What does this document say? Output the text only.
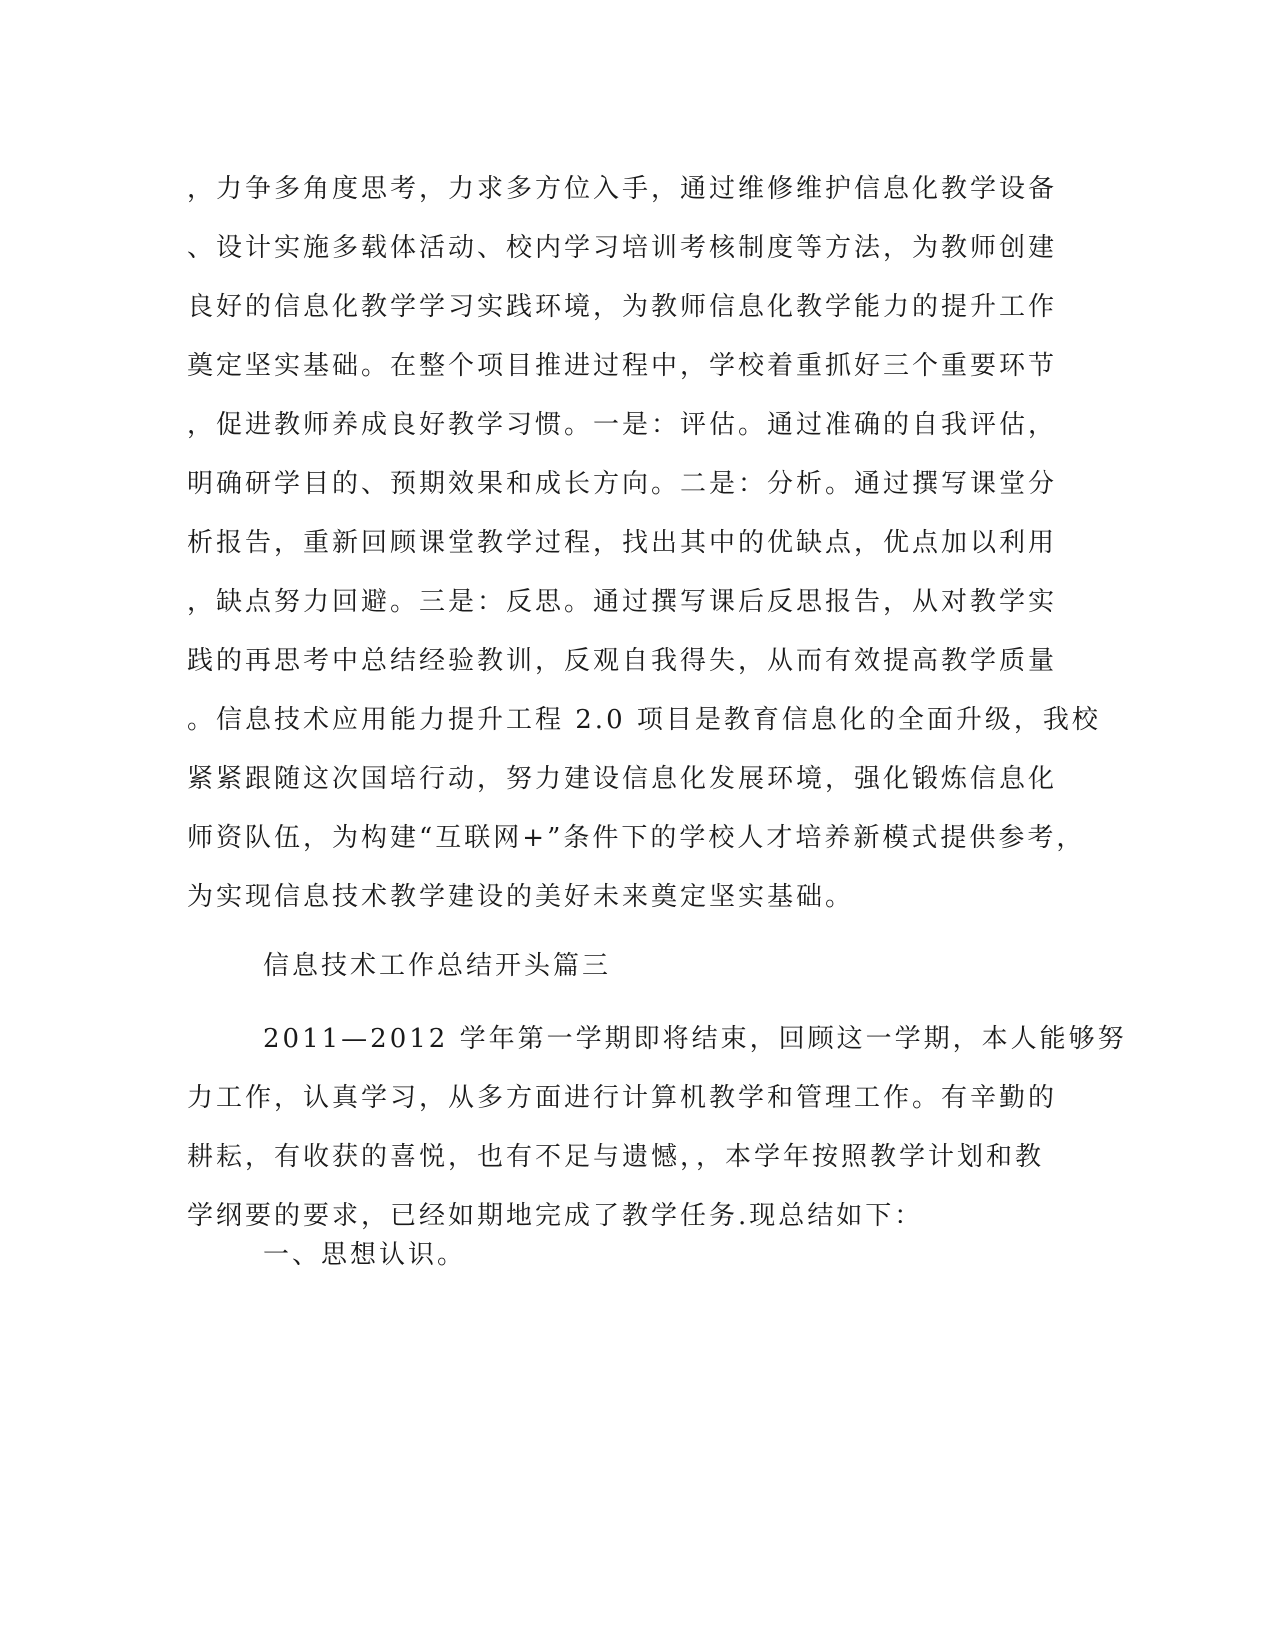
，力争多角度思考，力求多方位入手，通过维修维护信息化教学设备
、设计实施多载体活动、校内学习培训考核制度等方法，为教师创建
良好的信息化教学学习实践环境，为教师信息化教学能力的提升工作
奠定坚实基础。在整个项目推进过程中，学校着重抓好三个重要环节
，促进教师养成良好教学习惯。一是：评估。通过准确的自我评估，
明确研学目的、预期效果和成长方向。二是：分析。通过撰写课堂分
析报告，重新回顾课堂教学过程，找出其中的优缺点，优点加以利用
，缺点努力回避。三是：反思。通过撰写课后反思报告，从对教学实
践的再思考中总结经验教训，反观自我得失，从而有效提高教学质量
。信息技术应用能力提升工程 2.0 项目是教育信息化的全面升级，我校
紧紧跟随这次国培行动，努力建设信息化发展环境，强化锻炼信息化
师资队伍，为构建“互联网+”条件下的学校人才培养新模式提供参考，
为实现信息技术教学建设的美好未来奠定坚实基础。
信息技术工作总结开头篇三
2011—2012 学年第一学期即将结束，回顾这一学期，本人能够努
力工作，认真学习，从多方面进行计算机教学和管理工作。有辛勤的
耕耘，有收获的喜悦，也有不足与遗憾，，本学年按照教学计划和教
学纲要的要求，已经如期地完成了教学任务.现总结如下：
一、思想认识。
